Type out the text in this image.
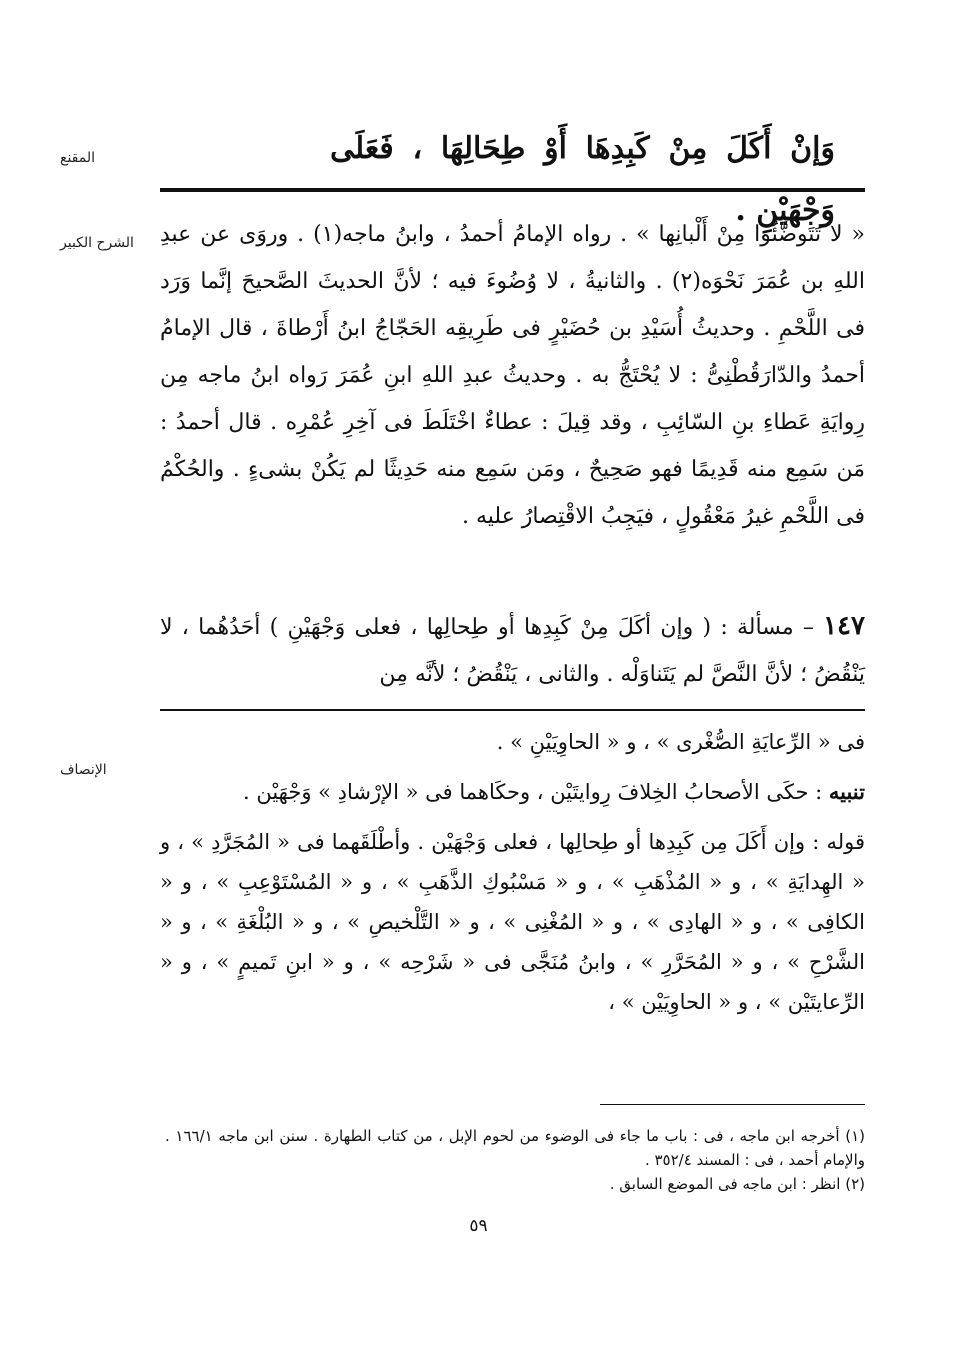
المقنع
الشرح الكبير
الإنصاف
وَإنْ أَكَلَ مِنْ كَبِدِهَا أَوْ طِحَالِهَا ، فَعَلَى وَجْهَيْنِ .

« لا تَتَوضَّئُوا مِنْ أَلْبانِها » . رواه الإمامُ أحمدُ ، وابنُ ماجه(١) . وروَى عن عبدِ اللهِ بن عُمَرَ نَحْوَه(٢) . والثانيةُ ، لا وُضُوءَ فيه ؛ لأنَّ الحديثَ الصَّحيحَ إنَّما وَرَد فى اللَّحْمِ . وحديثُ أُسَيْدِ بن حُضَيْرٍ فى طَرِيقِه الحَجّاجُ ابنُ أَرْطاةَ ، قال الإمامُ أحمدُ والدّارَقُطْنِىُّ : لا يُحْتَجُّ به . وحديثُ عبدِ اللهِ ابنِ عُمَرَ رَواه ابنُ ماجه مِن رِوايَةِ عَطاءِ بنِ السّائِبِ ، وقد قِيلَ : عطاءٌ اخْتَلَطَ فى آخِرِ عُمْرِه . قال أحمدُ : مَن سَمِع منه قَدِيمًا فهو صَحِيحٌ ، ومَن سَمِع منه حَدِيثًا لم يَكُنْ بشىءٍ . والحُكْمُ فى اللَّحْمِ غيرُ مَعْقُولٍ ، فيَجِبُ الاقْتِصارُ عليه .

١٤٧ – مسألة : ( وإن أكَلَ مِنْ كَبِدِها أو طِحالِها ، فعلى وَجْهَيْنِ ) أحَدُهُما ، لا يَنْقُضُ ؛ لأنَّ النَّصَّ لم يَتَناوَلْه . والثانى ، يَنْقُضُ ؛ لأنَّه مِن

فى « الرِّعايَةِ الصُّغْرى » ، و « الحاوِيَيْنِ » .

تنبيه : حكَى الأصحابُ الخِلافَ رِوايتَيْن ، وحكَاهما فى « الإرْشادِ » وَجْهَيْن .

قوله : وإن أَكَلَ مِن كَبِدِها أو طِحالِها ، فعلى وَجْهَيْن . وأطْلَقَهما فى « المُجَرَّدِ » ، و « الهِدايَةِ » ، و « المُذْهَبِ » ، و « مَسْبُوكِ الذَّهَبِ » ، و « المُسْتَوْعِبِ » ، و « الكافِى » ، و « الهادِى » ، و « المُغْنِى » ، و « التَّلْخيصِ » ، و « البُلْغَةِ » ، و « الشَّرْحِ » ، و « المُحَرَّرِ » ، وابنُ مُنَجَّى فى « شَرْحِه » ، و « ابنِ تَميمٍ » ، و « الرِّعايتَيْن » ، و « الحاوِيَيْن » ،

(١) أخرجه ابن ماجه ، فى : باب ما جاء فى الوضوء من لحوم الإبل ، من كتاب الطهارة . سنن ابن ماجه ١٦٦/١ . والإمام أحمد ، فى : المسند ٣٥٢/٤ .
(٢) انظر : ابن ماجه فى الموضع السابق .
٥٩
